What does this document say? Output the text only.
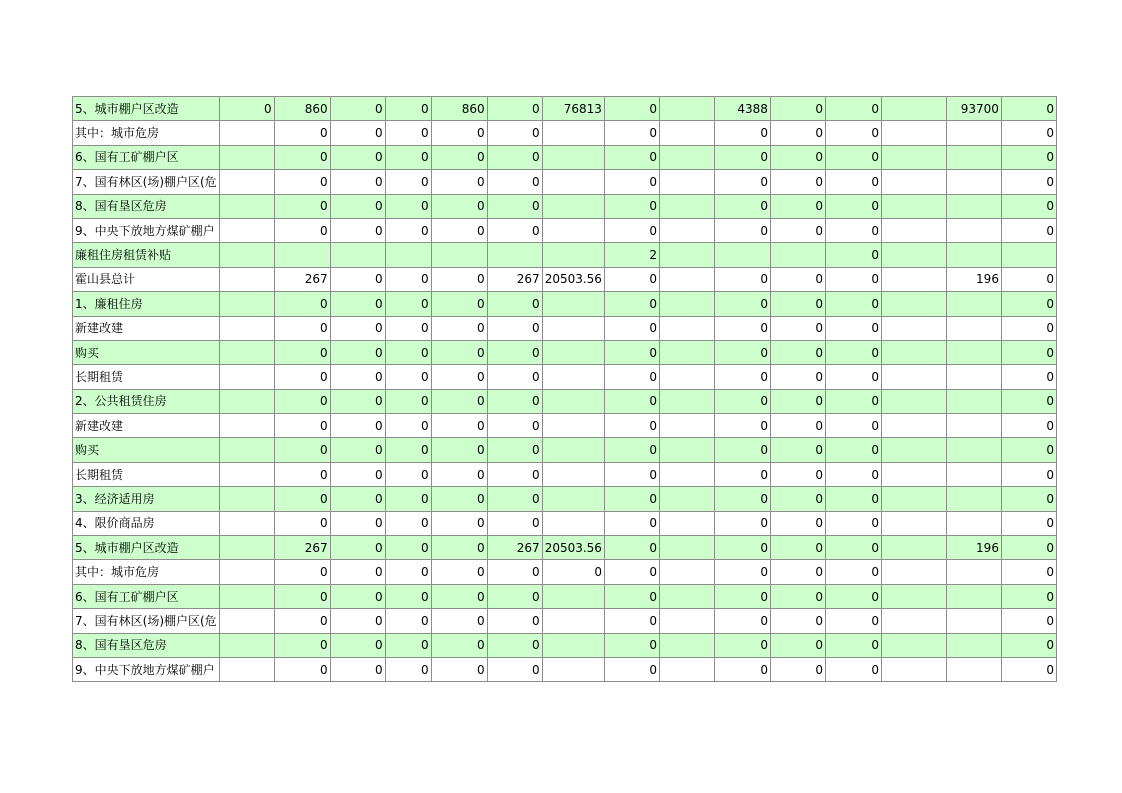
5、城市棚户区改造	0	860	0	0	860	0	76813	0		4388	0	0		93700	0
其中：城市危房		0	0	0	0	0		0		0	0	0			0
6、国有工矿棚户区		0	0	0	0	0		0		0	0	0			0
7、国有林区(场)棚户区(危		0	0	0	0	0		0		0	0	0			0
8、国有垦区危房		0	0	0	0	0		0		0	0	0			0
9、中央下放地方煤矿棚户		0	0	0	0	0		0		0	0	0			0
廉租住房租赁补贴								2				0			
霍山县总计		267	0	0	0	267	20503.56	0		0	0	0		196	0
1、廉租住房		0	0	0	0	0		0		0	0	0			0
新建改建		0	0	0	0	0		0		0	0	0			0
购买		0	0	0	0	0		0		0	0	0			0
长期租赁		0	0	0	0	0		0		0	0	0			0
2、公共租赁住房		0	0	0	0	0		0		0	0	0			0
新建改建		0	0	0	0	0		0		0	0	0			0
购买		0	0	0	0	0		0		0	0	0			0
长期租赁		0	0	0	0	0		0		0	0	0			0
3、经济适用房		0	0	0	0	0		0		0	0	0			0
4、限价商品房		0	0	0	0	0		0		0	0	0			0
5、城市棚户区改造		267	0	0	0	267	20503.56	0		0	0	0		196	0
其中：城市危房		0	0	0	0	0	0	0		0	0	0			0
6、国有工矿棚户区		0	0	0	0	0		0		0	0	0			0
7、国有林区(场)棚户区(危		0	0	0	0	0		0		0	0	0			0
8、国有垦区危房		0	0	0	0	0		0		0	0	0			0
9、中央下放地方煤矿棚户		0	0	0	0	0		0		0	0	0			0
